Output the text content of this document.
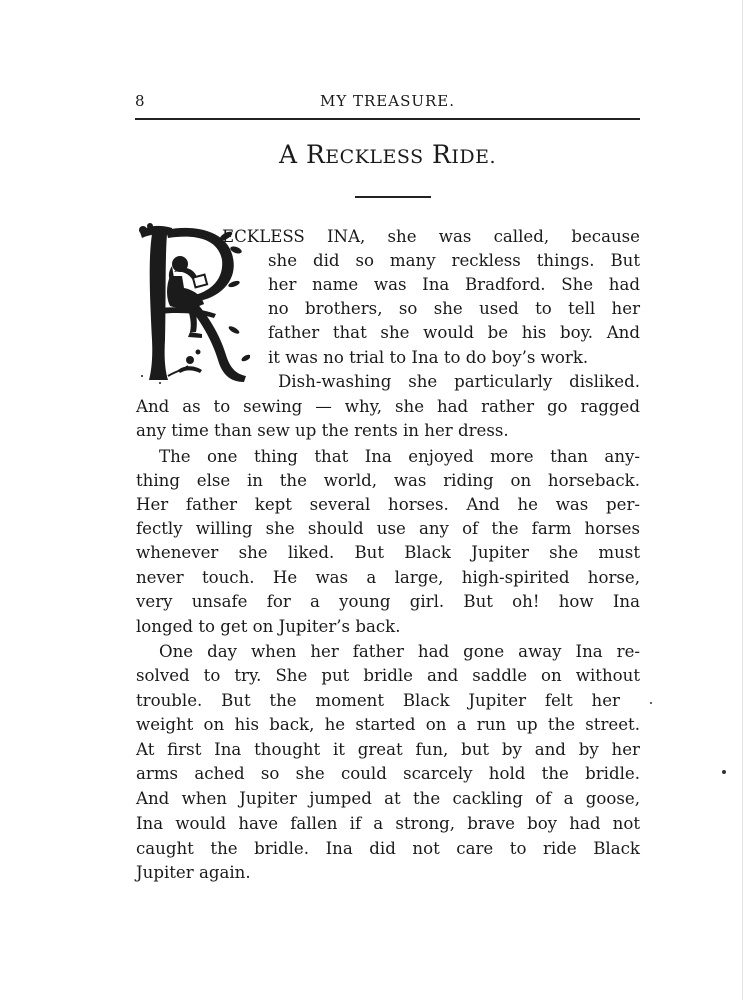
8	MY TREASURE.
A RECKLESS RIDE.
ECKLESS INA, she was called, because
she did so many reckless things. But
her name was Ina Bradford. She had
no brothers, so she used to tell her
father that she would be his boy. And
it was no trial to Ina to do boy’s work.
Dish-washing she particularly disliked.
And as to sewing — why, she had rather go ragged
any time than sew up the rents in her dress.
The one thing that Ina enjoyed more than any-
thing else in the world, was riding on horseback.
Her father kept several horses. And he was per-
fectly willing she should use any of the farm horses
whenever she liked. But Black Jupiter she must
never touch. He was a large, high-spirited horse,
very unsafe for a young girl. But oh! how Ina
longed to get on Jupiter’s back.
One day when her father had gone away Ina re-
solved to try. She put bridle and saddle on without
trouble. But the moment Black Jupiter felt her
weight on his back, he started on a run up the street.
At first Ina thought it great fun, but by and by her
arms ached so she could scarcely hold the bridle.
And when Jupiter jumped at the cackling of a goose,
Ina would have fallen if a strong, brave boy had not
caught the bridle. Ina did not care to ride Black
Jupiter again.
